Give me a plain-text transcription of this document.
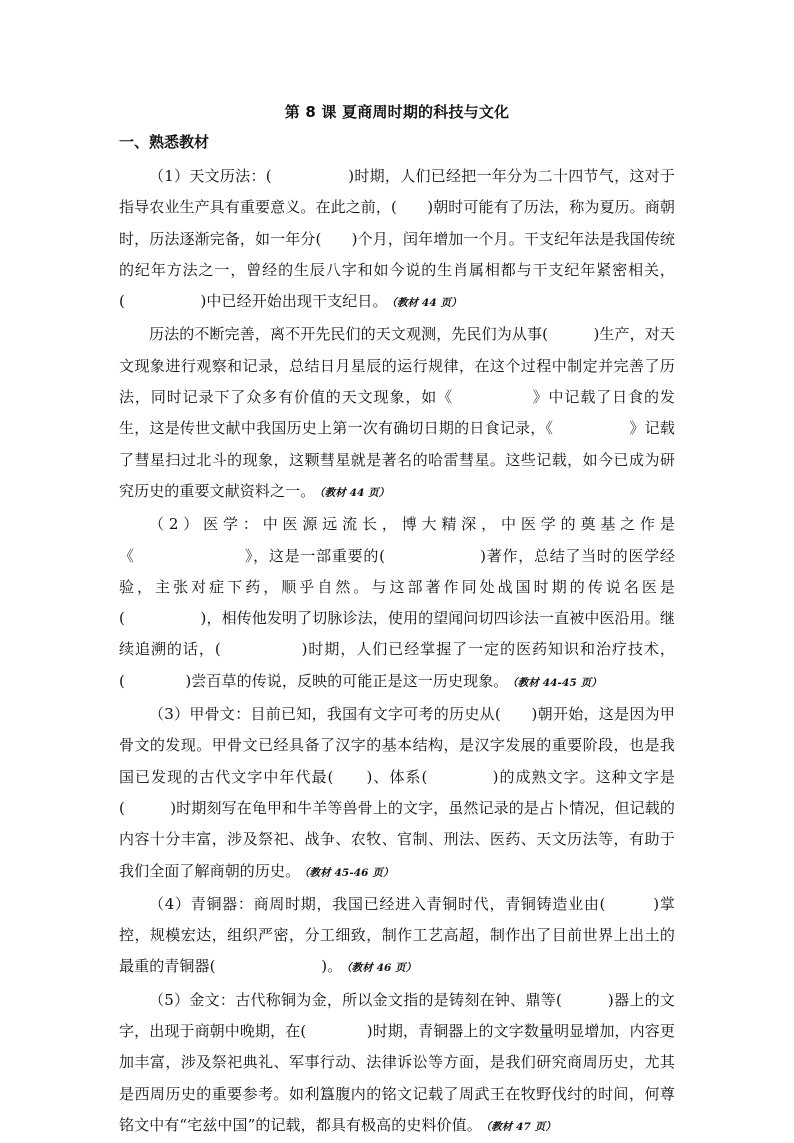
第 8 课 夏商周时期的科技与文化
一、熟悉教材

（1）天文历法：(　　　　　)时期，人们已经把一年分为二十四节气，这对于指导农业生产具有重要意义。在此之前，(　　)朝时可能有了历法，称为夏历。商朝时，历法逐渐完备，如一年分(　　)个月，闰年增加一个月。干支纪年法是我国传统的纪年方法之一，曾经的生辰八字和如今说的生肖属相都与干支纪年紧密相关，(　　　　　)中已经开始出现干支纪日。 （教材 44 页）

历法的不断完善，离不开先民们的天文观测，先民们为从事(　　　)生产，对天文现象进行观察和记录，总结日月星辰的运行规律，在这个过程中制定并完善了历法，同时记录下了众多有价值的天文现象，如《　　　　　》中记载了日食的发生，这是传世文献中我国历史上第一次有确切日期的日食记录，《　　　　　》记载了彗星扫过北斗的现象，这颗彗星就是著名的哈雷彗星。这些记载，如今已成为研究历史的重要文献资料之一。 （教材 44 页）

（2）医学：中医源远流长，博大精深，中医学的奠基之作是《　　　　　　　》，这是一部重要的(　　　　　　)著作，总结了当时的医学经验，主张对症下药，顺乎自然。与这部著作同处战国时期的传说名医是(　　　　　)，相传他发明了切脉诊法，使用的望闻问切四诊法一直被中医沿用。继续追溯的话，(　　　　　)时期，人们已经掌握了一定的医药知识和治疗技术，(　　　　)尝百草的传说，反映的可能正是这一历史现象。 （教材 44-45 页）

（3）甲骨文：目前已知，我国有文字可考的历史从(　　)朝开始，这是因为甲骨文的发现。甲骨文已经具备了汉字的基本结构，是汉字发展的重要阶段，也是我国已发现的古代文字中年代最(　　)、体系(　　　　)的成熟文字。这种文字是(　　　)时期刻写在龟甲和牛羊等兽骨上的文字，虽然记录的是占卜情况，但记载的内容十分丰富，涉及祭祀、战争、农牧、官制、刑法、医药、天文历法等，有助于我们全面了解商朝的历史。 （教材 45-46 页）

（4）青铜器：商周时期，我国已经进入青铜时代，青铜铸造业由(　　　)掌控，规模宏达，组织严密，分工细致，制作工艺高超，制作出了目前世界上出土的最重的青铜器(　　　　　　　)。 （教材 46 页）

（5）金文：古代称铜为金，所以金文指的是铸刻在钟、鼎等(　　　)器上的文字，出现于商朝中晚期，在(　　　　)时期，青铜器上的文字数量明显增加，内容更加丰富，涉及祭祀典礼、军事行动、法律诉讼等方面，是我们研究商周历史，尤其是西周历史的重要参考。如利簋腹内的铭文记载了周武王在牧野伐纣的时间，何尊铭文中有“宅兹中国”的记载，都具有极高的史料价值。 （教材 47 页）
